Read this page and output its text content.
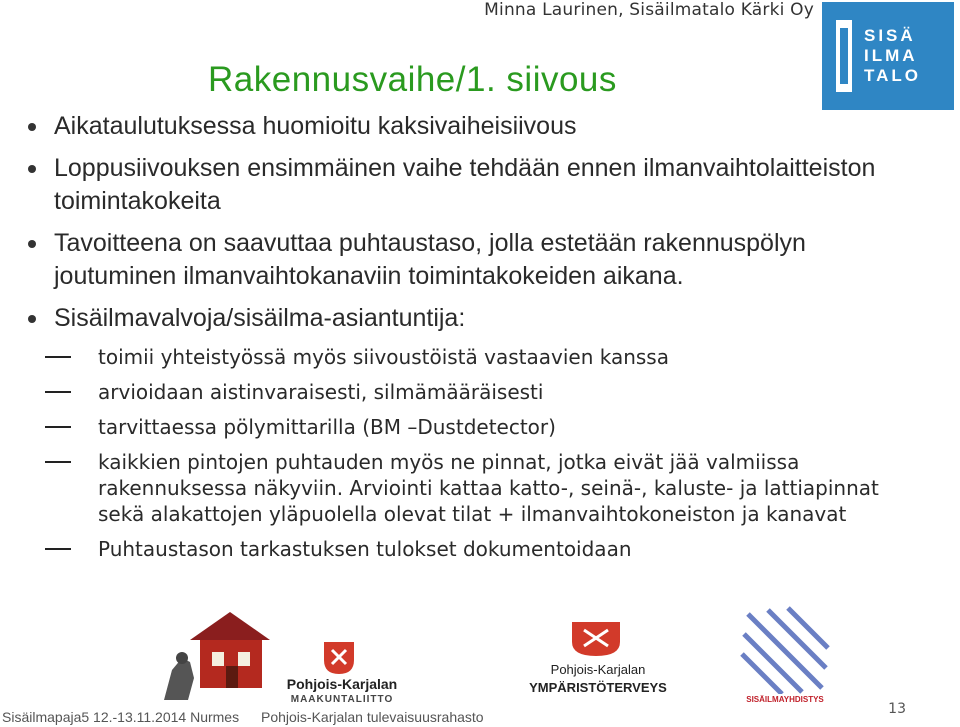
Minna Laurinen, Sisäilmatalo Kärki Oy
SISÄ
ILMA
TALO
Rakennusvaihe/1. siivous
Aikataulutuksessa huomioitu kaksivaiheisiivous
Loppusiivouksen ensimmäinen vaihe tehdään ennen ilmanvaihtolaitteiston toimintakokeita
Tavoitteena on saavuttaa puhtaustaso, jolla estetään rakennuspölyn joutuminen ilmanvaihtokanaviin toimintakokeiden aikana.
Sisäilmavalvoja/sisäilma-asiantuntija:
toimii yhteistyössä myös siivoustöistä vastaavien kanssa
arvioidaan aistinvaraisesti, silmämääräisesti
tarvittaessa pölymittarilla (BM –Dustdetector)
kaikkien pintojen puhtauden myös ne pinnat, jotka eivät jää valmiissa rakennuksessa näkyviin. Arviointi kattaa katto-, seinä-, kaluste- ja lattiapinnat sekä alakattojen yläpuolella olevat tilat + ilmanvaihtokoneiston ja kanavat
Puhtaustason tarkastuksen tulokset dokumentoidaan
Pohjois-Karjalan
MAAKUNTALIITTO
Pohjois-Karjalan
YMPÄRISTÖTERVEYS
SISÄILMAYHDISTYS
Sisäilmapaja5 12.-13.11.2014 Nurmes Pohjois-Karjalan tulevaisuusrahasto	13
